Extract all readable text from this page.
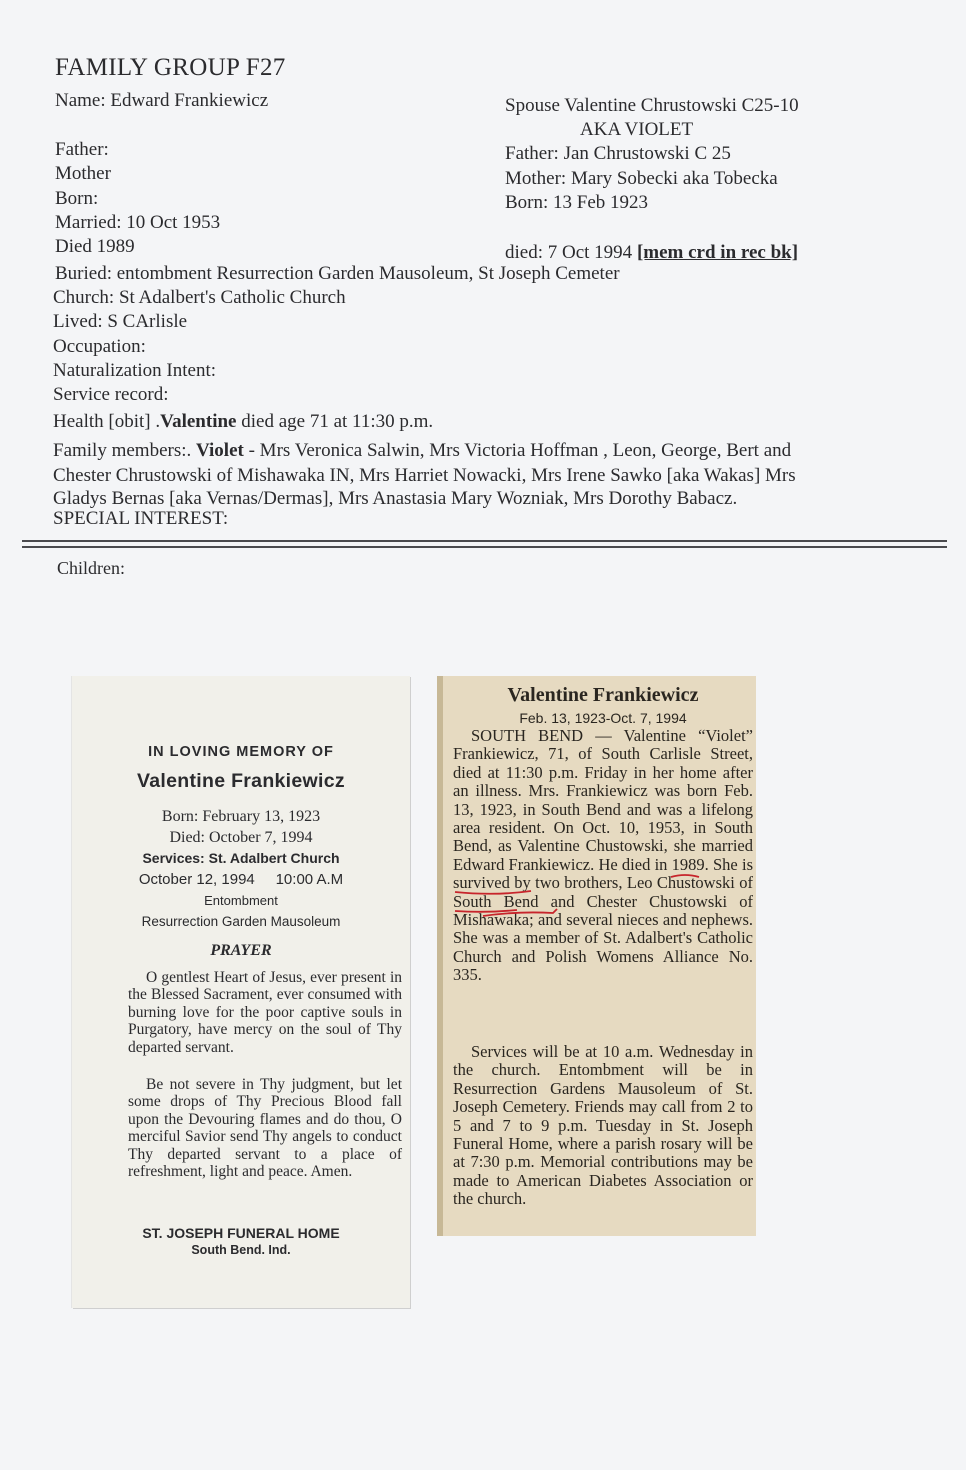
FAMILY GROUP F27
Name: Edward Frankiewicz	Spouse Valentine Chrustowski C25-10
AKA VIOLET
Father:	Father: Jan Chrustowski C 25
Mother	Mother: Mary Sobecki aka Tobecka
Born:	Born: 13 Feb 1923
Married: 10 Oct 1953
Died 1989	died: 7 Oct 1994 [mem crd in rec bk]
Buried: entombment Resurrection Garden Mausoleum, St Joseph Cemeter
Church: St Adalbert's Catholic Church
Lived: S CArlisle
Occupation:
Naturalization Intent:
Service record:
Health [obit] .Valentine died age 71 at 11:30 p.m.
Family members:. Violet - Mrs Veronica Salwin, Mrs Victoria Hoffman , Leon, George, Bert and
Chester Chrustowski of Mishawaka IN, Mrs Harriet Nowacki, Mrs Irene Sawko [aka Wakas] Mrs
Gladys Bernas [aka Vernas/Dermas], Mrs Anastasia Mary Wozniak, Mrs Dorothy Babacz.
SPECIAL INTEREST:
Children:
IN LOVING MEMORY OF
Valentine Frankiewicz
Born: February 13, 1923
Died: October 7, 1994
Services: St. Adalbert Church
October 12, 1994     10:00 A.M
Entombment
Resurrection Garden Mausoleum
PRAYER
O gentlest Heart of Jesus, ever present in the Blessed Sacrament, ever consumed with burning love for the poor captive souls in Purgatory, have mercy on the soul of Thy departed servant.
Be not severe in Thy judgment, but let some drops of Thy Precious Blood fall upon the Devouring flames and do thou, O merciful Savior send Thy angels to conduct Thy departed servant to a place of refreshment, light and peace. Amen.
ST. JOSEPH FUNERAL HOME
South Bend. Ind.
Valentine Frankiewicz
Feb. 13, 1923-Oct. 7, 1994
SOUTH BEND — Valentine “Violet” Frankiewicz, 71, of South Carlisle Street, died at 11:30 p.m. Friday in her home after an illness. Mrs. Frankiewicz was born Feb. 13, 1923, in South Bend and was a lifelong area resident. On Oct. 10, 1953, in South Bend, as Valentine Chustowski, she married Edward Frankiewicz. He died in 1989. She is survived by two brothers, Leo Chustowski of South Bend and Chester Chustowski of Mishawaka; and several nieces and nephews. She was a member of St. Adalbert's Catholic Church and Polish Womens Alliance No. 335.
Services will be at 10 a.m. Wednesday in the church. Entombment will be in Resurrection Gardens Mausoleum of St. Joseph Cemetery. Friends may call from 2 to 5 and 7 to 9 p.m. Tuesday in St. Joseph Funeral Home, where a parish rosary will be at 7:30 p.m. Memorial contributions may be made to American Diabetes Association or the church.
